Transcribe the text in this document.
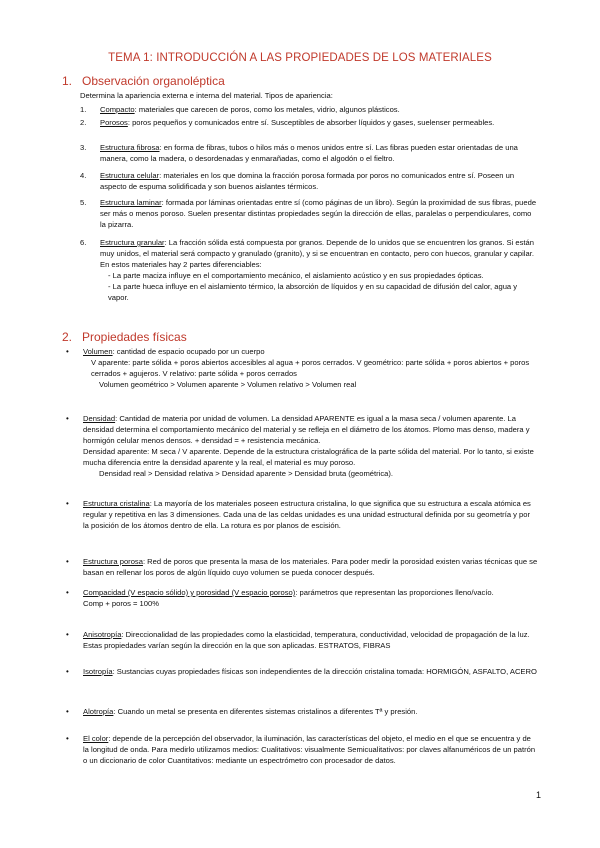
TEMA 1: INTRODUCCIÓN A LAS PROPIEDADES DE LOS MATERIALES
1. Observación organoléptica
Determina la apariencia externa e interna del material. Tipos de apariencia:
1.	Compacto: materiales que carecen de poros, como los metales, vidrio, algunos plásticos.
2.	Porosos: poros pequeños y comunicados entre sí. Susceptibles de absorber líquidos y gases, suelenser permeables.
3.	Estructura fibrosa: en forma de fibras, tubos o hilos más o menos unidos entre sí. Las fibras pueden estar orientadas de una manera, como la madera, o desordenadas y enmarañadas, como el algodón o el fieltro.
4.	Estructura celular: materiales en los que domina la fracción porosa formada por poros no comunicados entre sí. Poseen un aspecto de espuma solidificada y son buenos aislantes térmicos.
5.	Estructura laminar: formada por láminas orientadas entre sí (como páginas de un libro). Según la proximidad de sus fibras, puede ser más o menos poroso. Suelen presentar distintas propiedades según la dirección de ellas, paralelas o perpendiculares, como la pizarra.
6.	Estructura granular: La fracción sólida está compuesta por granos. Depende de lo unidos que se encuentren los granos. Si están muy unidos, el material será compacto y granulado (granito), y si se encuentran en contacto, pero con huecos, granular y capilar. En estos materiales hay 2 partes diferenciables:
- La parte maciza influye en el comportamiento mecánico, el aislamiento acústico y en sus propiedades ópticas.
- La parte hueca influye en el aislamiento térmico, la absorción de líquidos y en su capacidad de difusión del calor, agua y vapor.
2. Propiedades físicas
• Volumen: cantidad de espacio ocupado por un cuerpo
V aparente: parte sólida + poros abiertos accesibles al agua + poros cerrados. V geométrico: parte sólida + poros abiertos + poros cerrados + agujeros. V relativo: parte sólida + poros cerrados
Volumen geométrico > Volumen aparente > Volumen relativo > Volumen real
• Densidad: Cantidad de materia por unidad de volumen. La densidad APARENTE es igual a la masa seca / volumen aparente. La densidad determina el comportamiento mecánico del material y se refleja en el diámetro de los átomos. Plomo mas denso, madera y hormigón celular menos densos. + densidad = + resistencia mecánica.
Densidad aparente: M seca / V aparente. Depende de la estructura cristalográfica de la parte sólida del material. Por lo tanto, si existe mucha diferencia entre la densidad aparente y la real, el material es muy poroso.
Densidad real > Densidad relativa > Densidad aparente > Densidad bruta (geométrica).
• Estructura cristalina: La mayoría de los materiales poseen estructura cristalina, lo que significa que su estructura a escala atómica es regular y repetitiva en las 3 dimensiones. Cada una de las celdas unidades es una unidad estructural definida por su geometría y por la posición de los átomos dentro de ella. La rotura es por planos de escisión.
• Estructura porosa: Red de poros que presenta la masa de los materiales. Para poder medir la porosidad existen varias técnicas que se basan en rellenar los poros de algún líquido cuyo volumen se pueda conocer después.
• Compacidad (V espacio sólido) y porosidad (V espacio poroso): parámetros que representan las proporciones lleno/vacío.
Comp + poros = 100%
• Anisotropía: Direccionalidad de las propiedades como la elasticidad, temperatura, conductividad, velocidad de propagación de la luz. Estas propiedades varían según la dirección en la que son aplicadas. ESTRATOS, FIBRAS
• Isotropía: Sustancias cuyas propiedades físicas son independientes de la dirección cristalina tomada: HORMIGÓN, ASFALTO, ACERO
• Alotropía: Cuando un metal se presenta en diferentes sistemas cristalinos a diferentes Tª y presión.
• El color: depende de la percepción del observador, la iluminación, las características del objeto, el medio en el que se encuentra y de la longitud de onda. Para medirlo utilizamos medios: Cualitativos: visualmente Semicualitativos: por claves alfanuméricos de un patrón o un diccionario de color Cuantitativos: mediante un espectrómetro con procesador de datos.
1
